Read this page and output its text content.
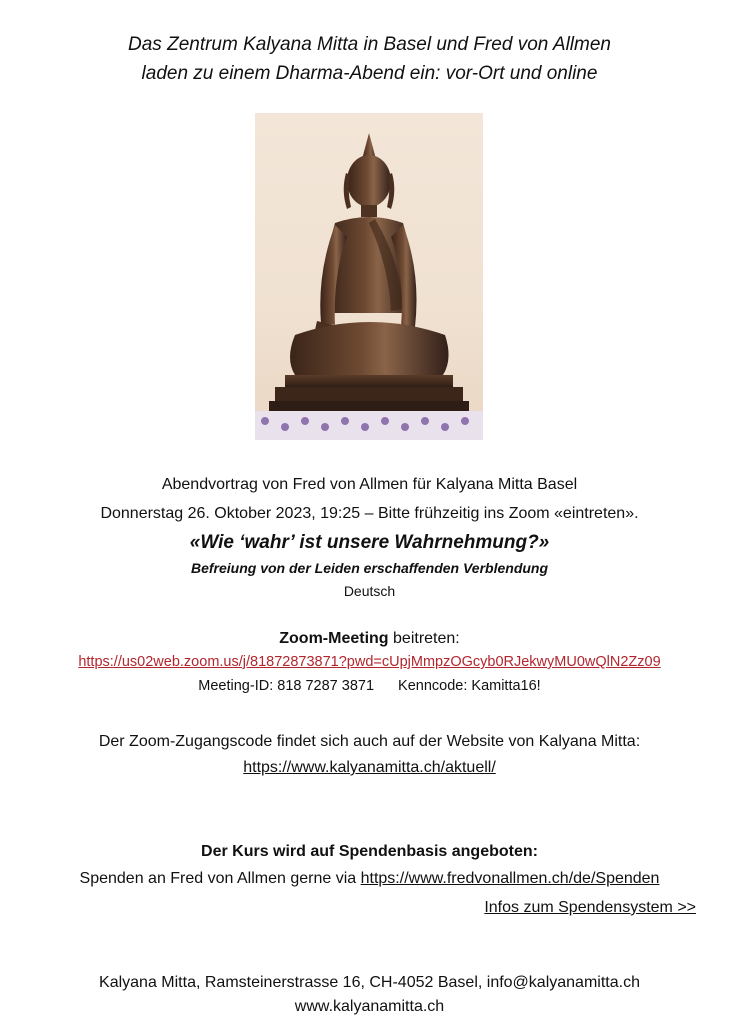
Das Zentrum Kalyana Mitta in Basel und Fred von Allmen
laden zu einem Dharma-Abend ein: vor-Ort und online
Abendvortrag von Fred von Allmen für Kalyana Mitta Basel
Donnerstag 26. Oktober 2023, 19:25 – Bitte frühzeitig ins Zoom «eintreten».
«Wie ‘wahr’ ist unsere Wahrnehmung?»
Befreiung von der Leiden erschaffenden Verblendung
Deutsch
Zoom-Meeting beitreten:
https://us02web.zoom.us/j/81872873871?pwd=cUpjMmpzOGcyb0RJekwyMU0wQlN2Zz09
Meeting-ID: 818 7287 3871 Kenncode: Kamitta16!
Der Zoom-Zugangscode findet sich auch auf der Website von Kalyana Mitta:
https://www.kalyanamitta.ch/aktuell/
Der Kurs wird auf Spendenbasis angeboten:
Spenden an Fred von Allmen gerne via https://www.fredvonallmen.ch/de/Spenden
Infos zum Spendensystem >>
Kalyana Mitta, Ramsteinerstrasse 16, CH-4052 Basel, info@kalyanamitta.ch
www.kalyanamitta.ch
